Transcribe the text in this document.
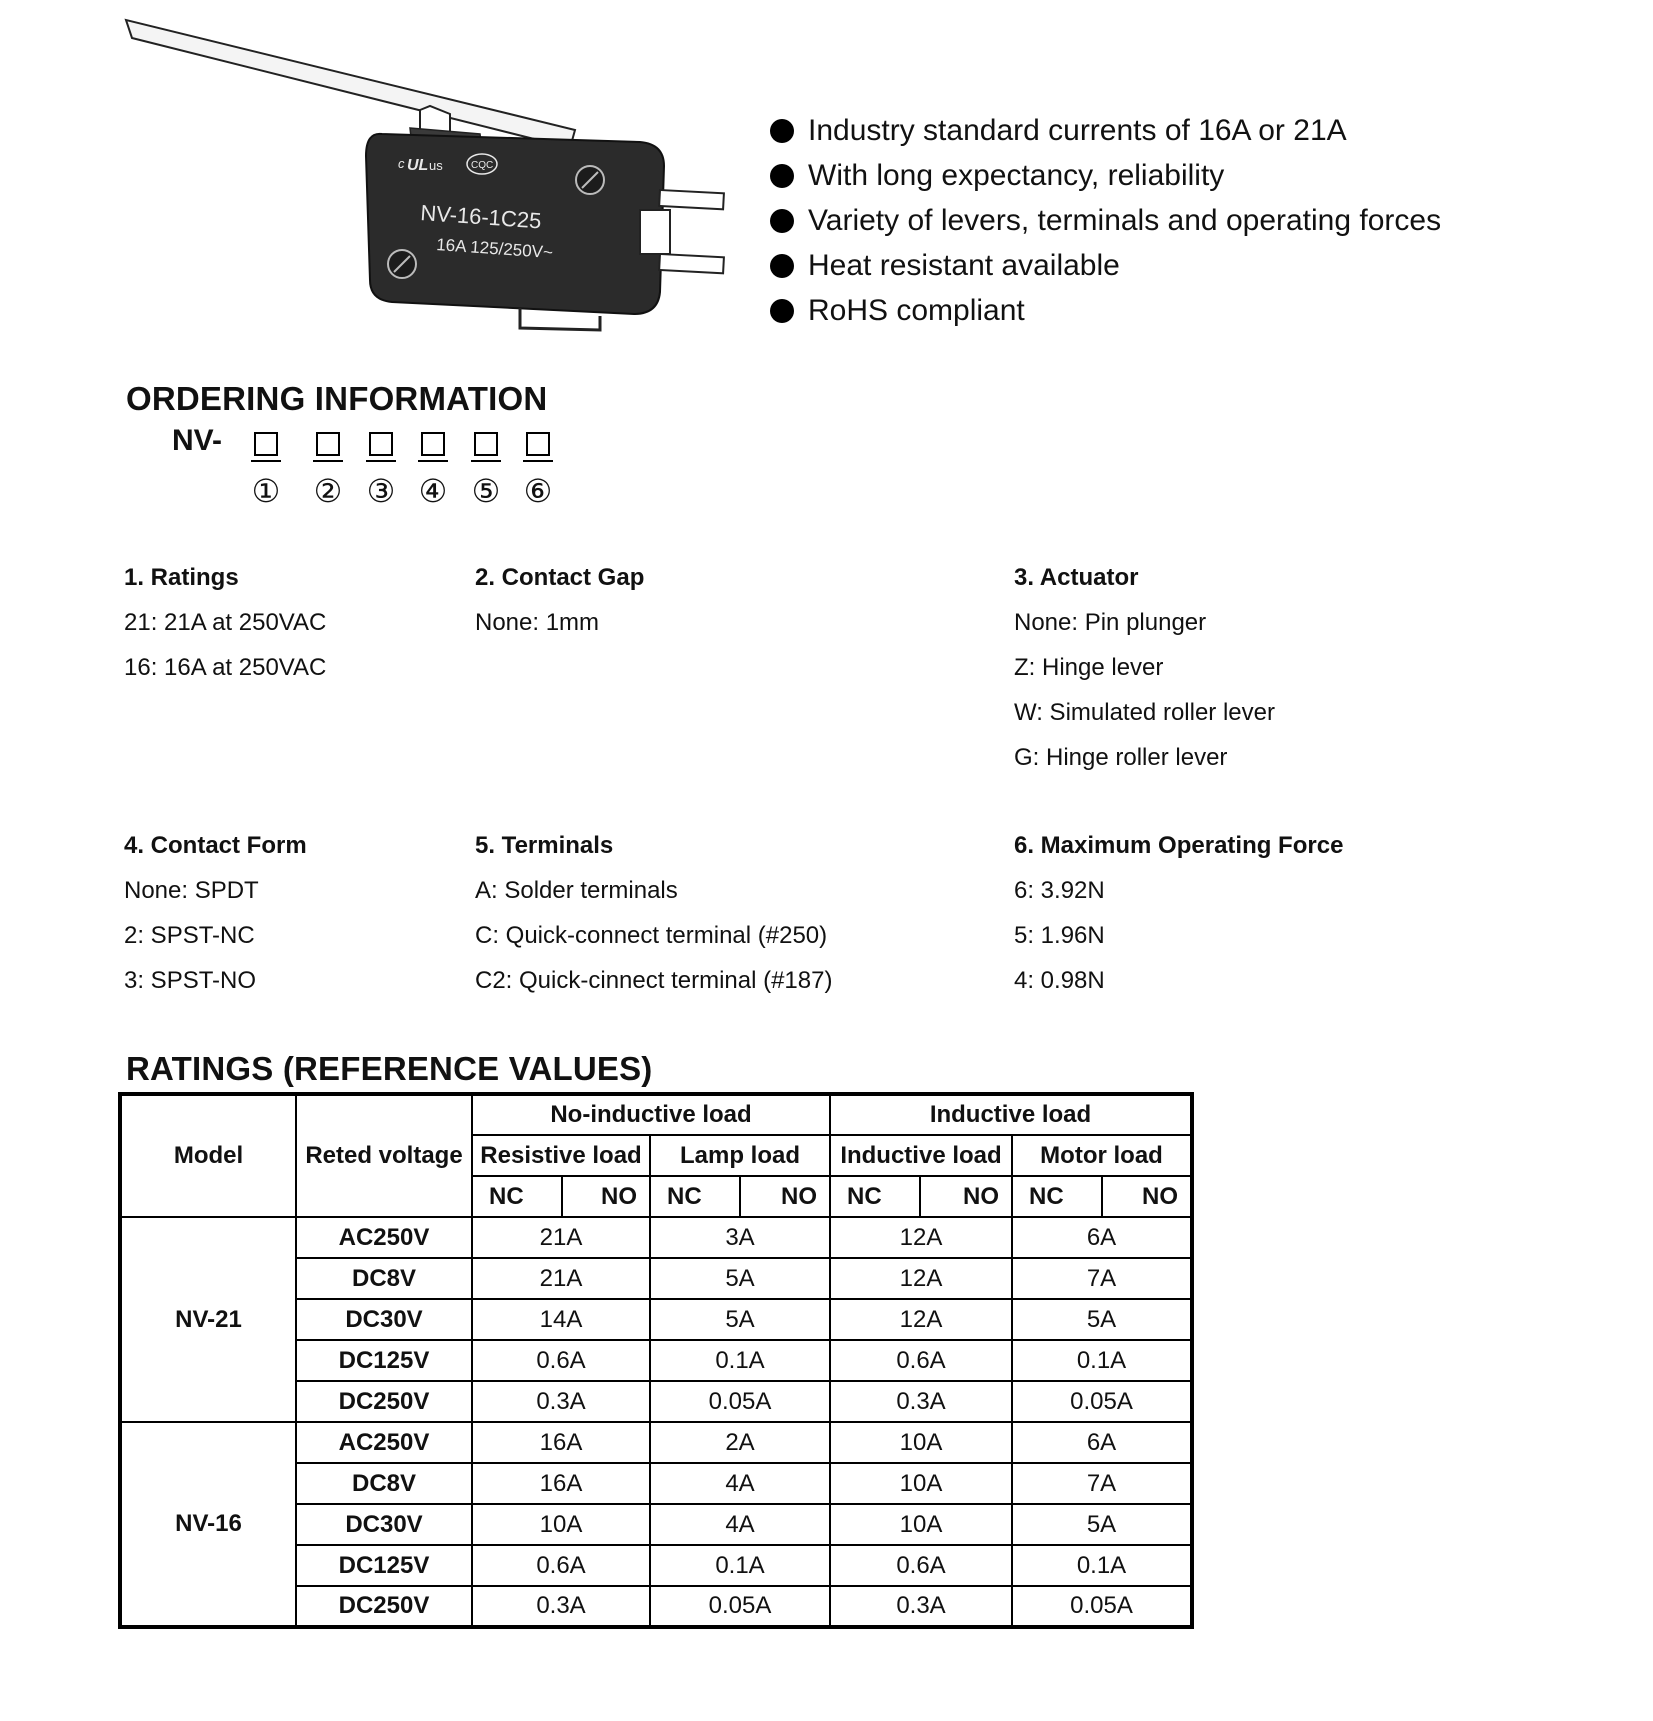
c UL us	CQC
NV-16-1C25
16A 125/250V~
Industry standard currents of 16A or 21A
With long expectancy, reliability
Variety of levers, terminals and operating forces
Heat resistant available
RoHS compliant
ORDERING INFORMATION
NV-
① ② ③ ④ ⑤ ⑥
1. Ratings
21: 21A at 250VAC
16: 16A at 250VAC
2. Contact Gap
None: 1mm
3. Actuator
None: Pin plunger
Z: Hinge lever
W: Simulated roller lever
G: Hinge roller lever
4. Contact Form
None: SPDT
2: SPST-NC
3: SPST-NO
5. Terminals
A: Solder terminals
C: Quick-connect terminal (#250)
C2: Quick-cinnect terminal (#187)
6. Maximum Operating Force
6: 3.92N
5: 1.96N
4: 0.98N
RATINGS (REFERENCE VALUES)
Model	Reted voltage	No-inductive load				Inductive load			
		Resistive load		Lamp load		Inductive load		Motor load	
		NC	NO	NC	NO	NC	NO	NC	NO
NV-21	AC250V	21A		3A		12A		6A	
	DC8V	21A		5A		12A		7A	
	DC30V	14A		5A		12A		5A	
	DC125V	0.6A		0.1A		0.6A		0.1A	
	DC250V	0.3A		0.05A		0.3A		0.05A	
NV-16	AC250V	16A		2A		10A		6A	
	DC8V	16A		4A		10A		7A	
	DC30V	10A		4A		10A		5A	
	DC125V	0.6A		0.1A		0.6A		0.1A	
	DC250V	0.3A		0.05A		0.3A		0.05A	
